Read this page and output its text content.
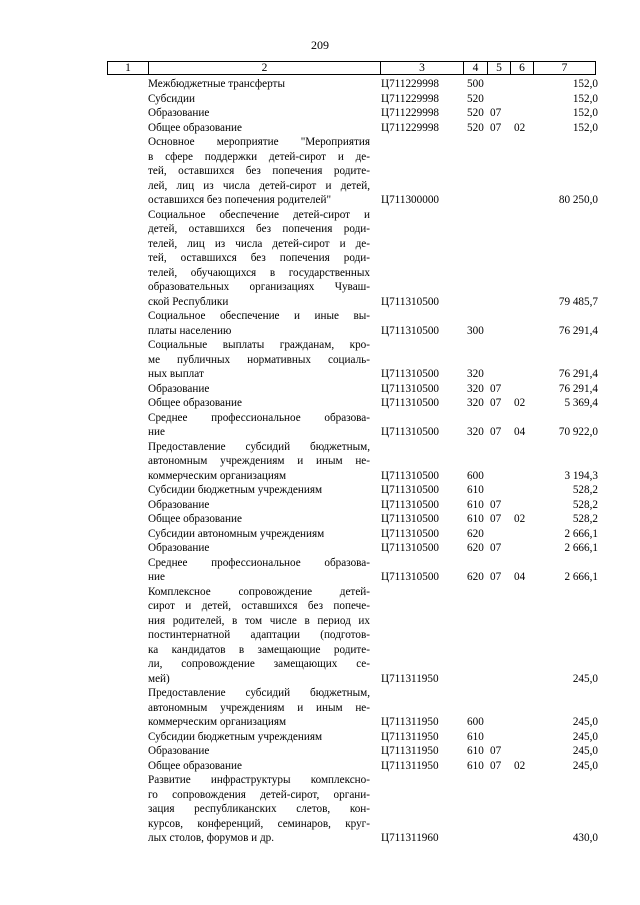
209
1	2	3	4	5	6	7
Межбюджетные трансферты	Ц711229998 500	152,0
Субсидии	Ц711229998 520	152,0
Образование	Ц711229998 520 07	152,0
Общее образование	Ц711229998 520 07 02	152,0
Основное мероприятие "Мероприятия
в сфере поддержки детей-сирот и де-
тей, оставшихся без попечения родите-
лей, лиц из числа детей-сирот и детей,
оставшихся без попечения родителей"	Ц711300000	80 250,0
Социальное обеспечение детей-сирот и
детей, оставшихся без попечения роди-
телей, лиц из числа детей-сирот и де-
тей, оставшихся без попечения роди-
телей, обучающихся в государственных
образовательных организациях Чуваш-
ской Республики	Ц711310500	79 485,7
Социальное обеспечение и иные вы-
платы населению	Ц711310500 300	76 291,4
Социальные выплаты гражданам, кро-
ме публичных нормативных социаль-
ных выплат	Ц711310500 320	76 291,4
Образование	Ц711310500 320 07	76 291,4
Общее образование	Ц711310500 320 07 02	5 369,4
Среднее профессиональное образова-
ние	Ц711310500 320 07 04	70 922,0
Предоставление субсидий бюджетным,
автономным учреждениям и иным не-
коммерческим организациям	Ц711310500 600	3 194,3
Субсидии бюджетным учреждениям	Ц711310500 610	528,2
Образование	Ц711310500 610 07	528,2
Общее образование	Ц711310500 610 07 02	528,2
Субсидии автономным учреждениям	Ц711310500 620	2 666,1
Образование	Ц711310500 620 07	2 666,1
Среднее профессиональное образова-
ние	Ц711310500 620 07 04	2 666,1
Комплексное сопровождение детей-
сирот и детей, оставшихся без попече-
ния родителей, в том числе в период их
постинтернатной адаптации (подготов-
ка кандидатов в замещающие родите-
ли, сопровождение замещающих се-
мей)	Ц711311950	245,0
Предоставление субсидий бюджетным,
автономным учреждениям и иным не-
коммерческим организациям	Ц711311950	600	245,0
Субсидии бюджетным учреждениям	Ц711311950	610	245,0
Образование	Ц711311950	610 07	245,0
Общее образование	Ц711311950	610 07 02	245,0
Развитие инфраструктуры комплексно-
го сопровождения детей-сирот, органи-
зация республиканских слетов, кон-
курсов, конференций, семинаров, круг-
лых столов, форумов и др.	Ц711311960	430,0
